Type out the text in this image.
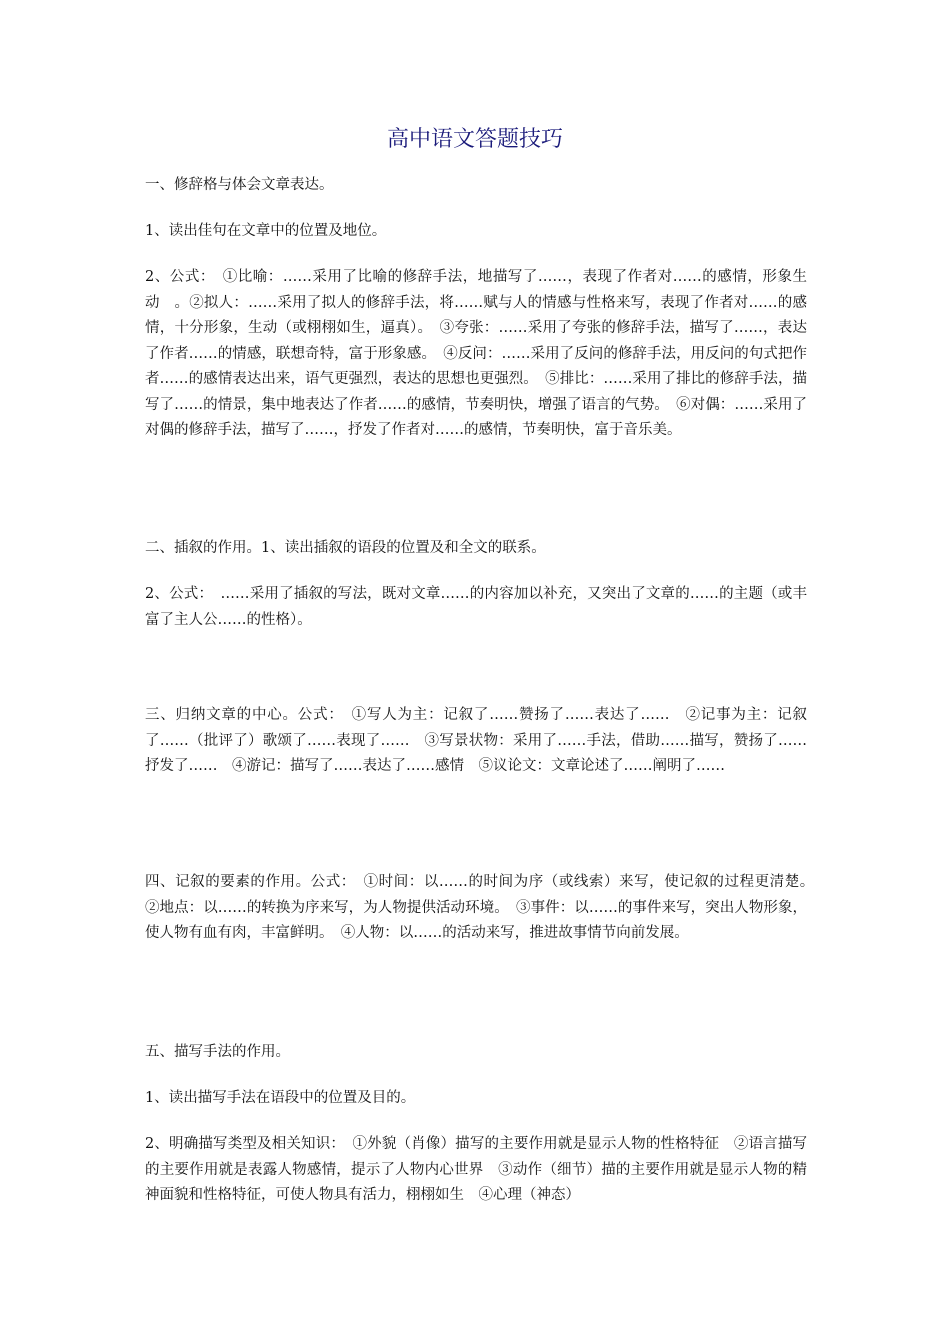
高中语文答题技巧

一、修辞格与体会文章表达。

1、读出佳句在文章中的位置及地位。

2、公式：　①比喻：……采用了比喻的修辞手法，地描写了……，表现了作者对……的感情，形象生动　。②拟人：……采用了拟人的修辞手法，将……赋与人的情感与性格来写，表现了作者对……的感情，十分形象，生动（或栩栩如生，逼真）。　③夸张：……采用了夸张的修辞手法，描写了……，表达了作者……的情感，联想奇特，富于形象感。　④反问：……采用了反问的修辞手法，用反问的句式把作者……的感情表达出来，语气更强烈，表达的思想也更强烈。　⑤排比：……采用了排比的修辞手法，描写了……的情景，集中地表达了作者……的感情，节奏明快，增强了语言的气势。　⑥对偶：……采用了对偶的修辞手法，描写了……，抒发了作者对……的感情，节奏明快，富于音乐美。

二、插叙的作用。1、读出插叙的语段的位置及和全文的联系。

2、公式：　……采用了插叙的写法，既对文章……的内容加以补充，又突出了文章的……的主题（或丰富了主人公……的性格）。

三、归纳文章的中心。公式：　①写人为主：记叙了……赞扬了……表达了……　②记事为主：记叙了……（批评了）歌颂了……表现了……　③写景状物：采用了……手法，借助……描写，赞扬了……抒发了……　④游记：描写了……表达了……感情　⑤议论文：文章论述了……阐明了……

四、记叙的要素的作用。公式：　①时间：以……的时间为序（或线索）来写，使记叙的过程更清楚。　②地点：以……的转换为序来写，为人物提供活动环境。　③事件：以……的事件来写，突出人物形象，使人物有血有肉，丰富鲜明。　④人物：以……的活动来写，推进故事情节向前发展。

五、描写手法的作用。

1、读出描写手法在语段中的位置及目的。

2、明确描写类型及相关知识：　①外貌（肖像）描写的主要作用就是显示人物的性格特征　②语言描写的主要作用就是表露人物感情，提示了人物内心世界　③动作（细节）描的主要作用就是显示人物的精神面貌和性格特征，可使人物具有活力，栩栩如生　④心理（神态）
